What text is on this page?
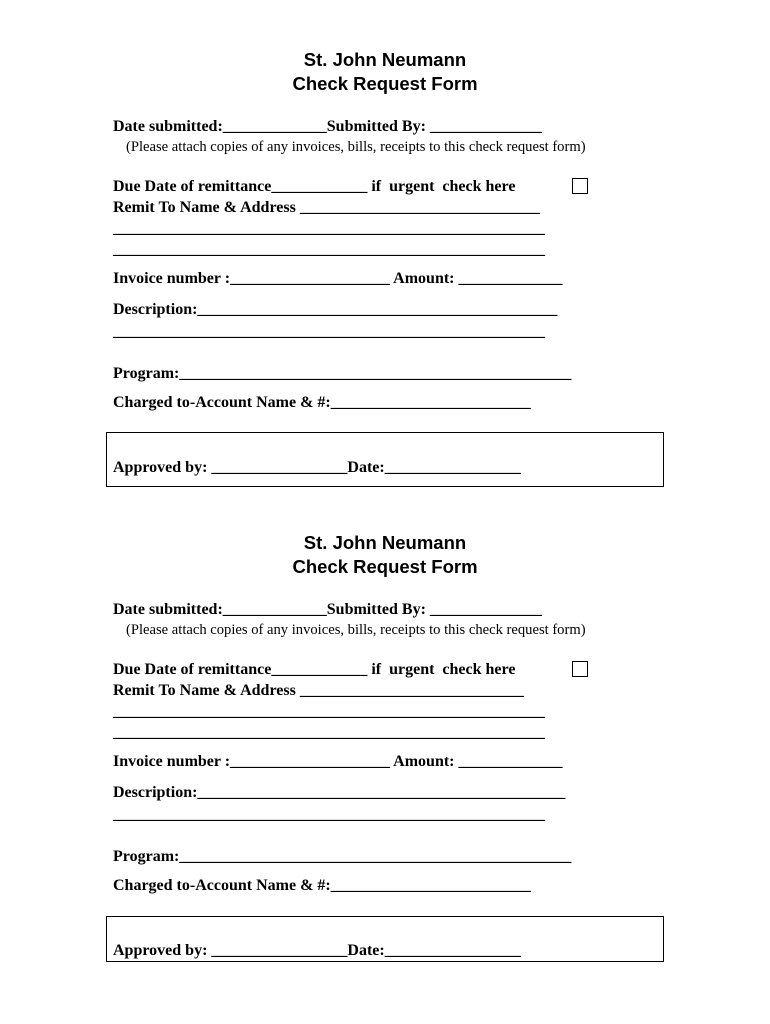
St. John Neumann
Check Request Form
Date submitted:_____________Submitted By: ______________
(Please attach copies of any invoices, bills, receipts to this check request form)
Due Date of remittance____________ if  urgent  check here
Remit To Name & Address ______________________________
______________________________________________________
______________________________________________________
Invoice number :____________________ Amount: _____________
Description:_____________________________________________
______________________________________________________
Program:_________________________________________________
Charged to-Account Name & #:_________________________
Approved by: _________________Date:_________________
St. John Neumann
Check Request Form
Date submitted:_____________Submitted By: ______________
(Please attach copies of any invoices, bills, receipts to this check request form)
Due Date of remittance____________ if  urgent  check here
Remit To Name & Address ____________________________
______________________________________________________
______________________________________________________
Invoice number :____________________ Amount: _____________
Description:______________________________________________
______________________________________________________
Program:_________________________________________________
Charged to-Account Name & #:_________________________
Approved by: _________________Date:_________________
